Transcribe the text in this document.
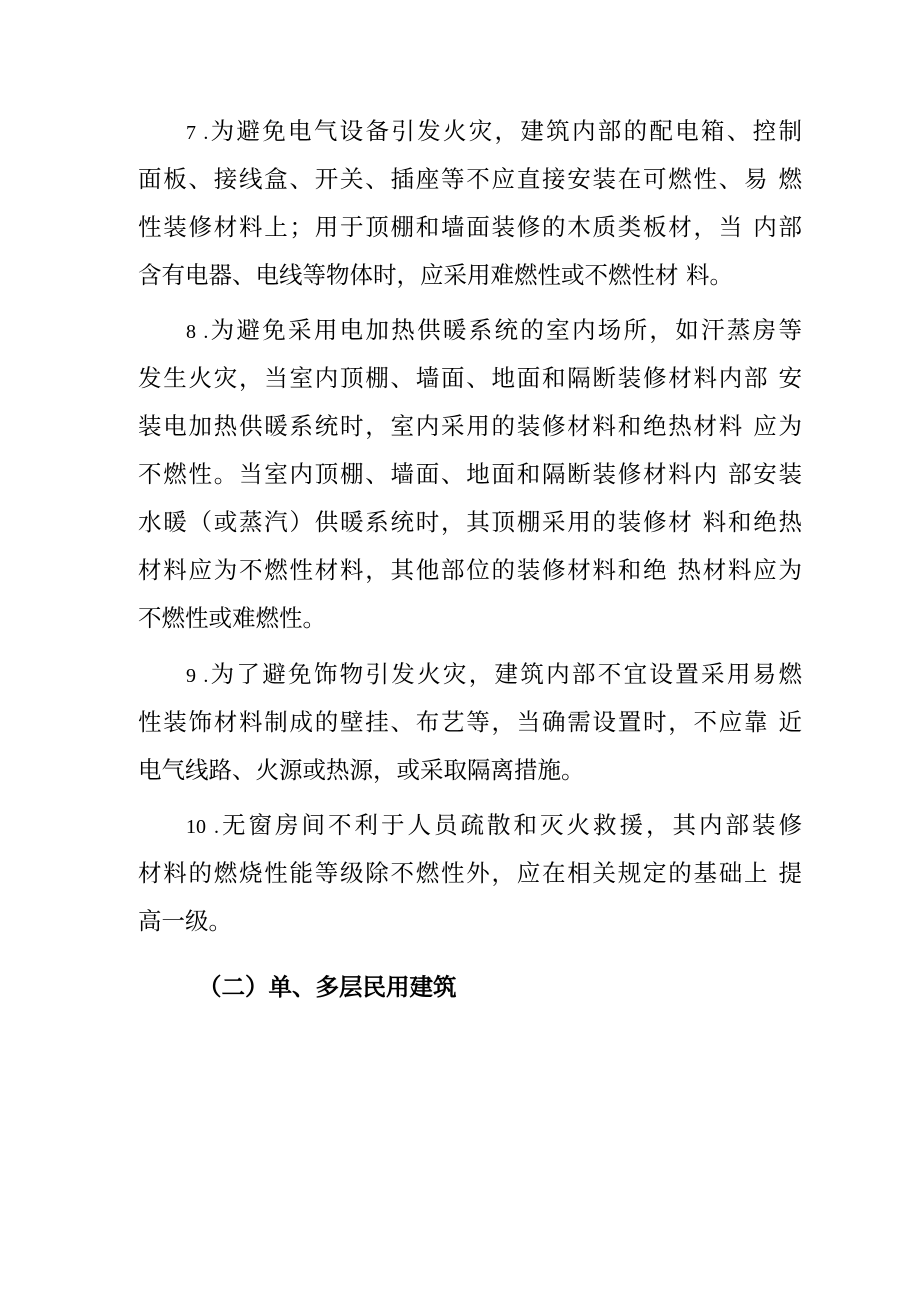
7 .为避免电气设备引发火灾，建筑内部的配电箱、控制
面板、接线盒、开关、插座等不应直接安装在可燃性、易 燃
性装修材料上；用于顶棚和墙面装修的木质类板材，当 内部
含有电器、电线等物体时，应采用难燃性或不燃性材 料。
8 .为避免采用电加热供暖系统的室内场所，如汗蒸房等
发生火灾，当室内顶棚、墙面、地面和隔断装修材料内部 安
装电加热供暖系统时，室内采用的装修材料和绝热材料 应为
不燃性。当室内顶棚、墙面、地面和隔断装修材料内 部安装
水暖（或蒸汽）供暖系统时，其顶棚采用的装修材 料和绝热
材料应为不燃性材料，其他部位的装修材料和绝 热材料应为
不燃性或难燃性。
9 .为了避免饰物引发火灾，建筑内部不宜设置采用易燃
性装饰材料制成的壁挂、布艺等，当确需设置时，不应靠 近
电气线路、火源或热源，或采取隔离措施。
10 .无窗房间不利于人员疏散和灭火救援，其内部装修
材料的燃烧性能等级除不燃性外，应在相关规定的基础上 提
高一级。
（二）单、多层民用建筑
